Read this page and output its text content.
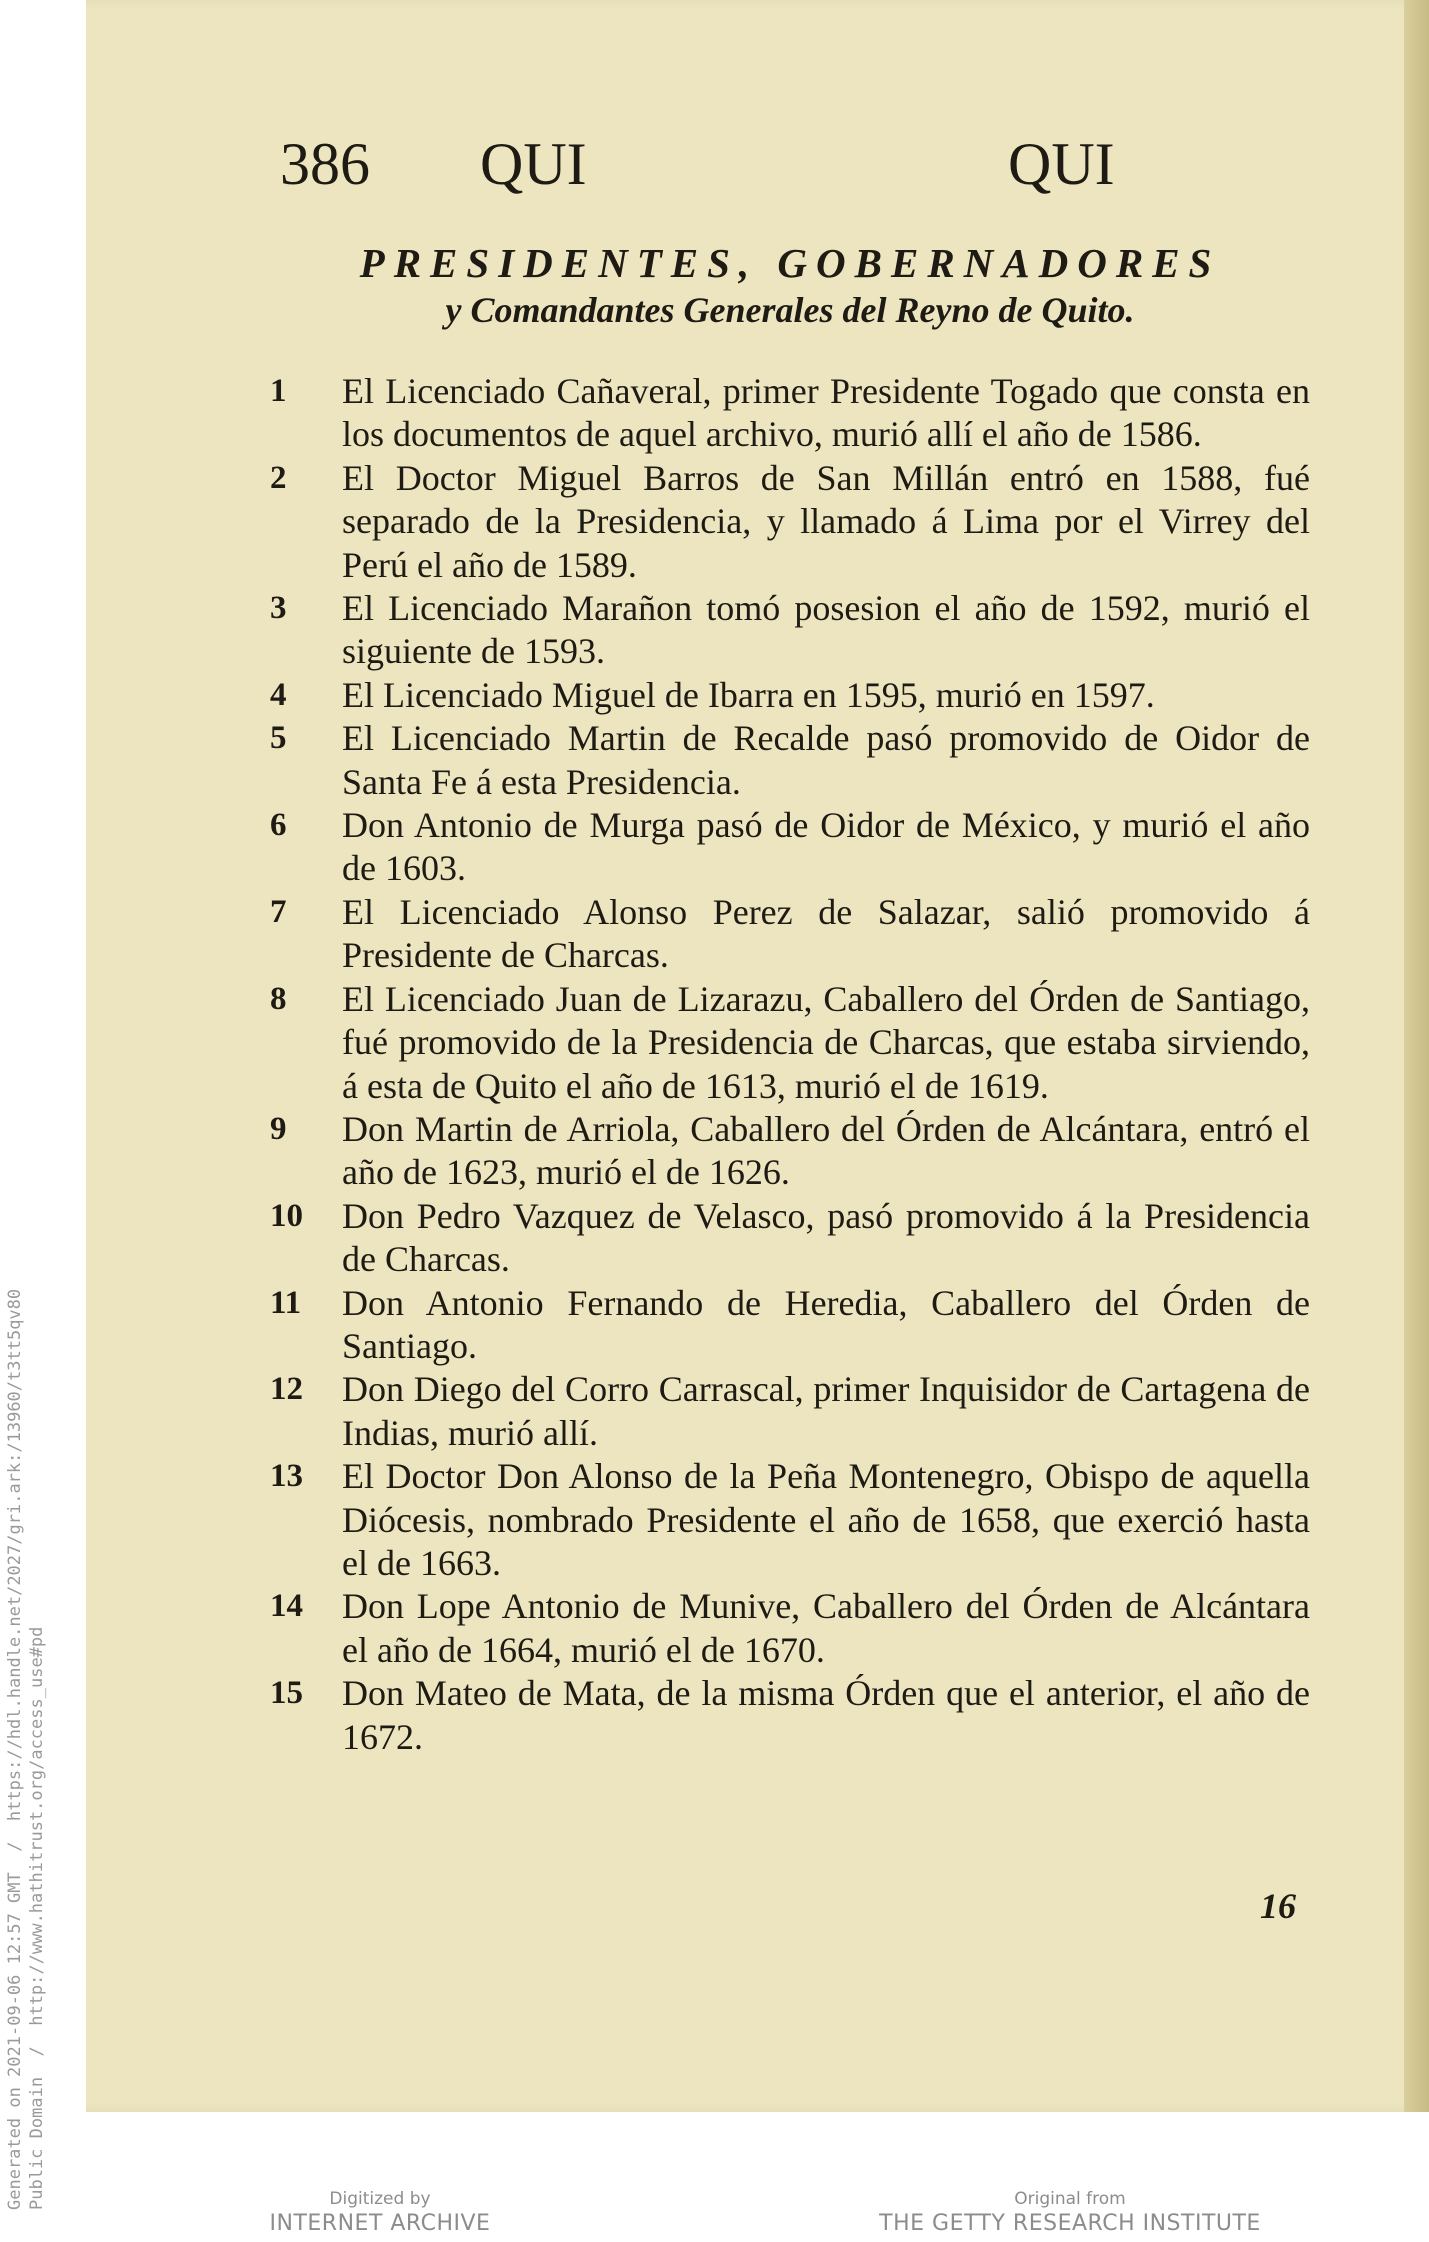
386 QUI	QUI
PRESIDENTES, GOBERNADORES
y Comandantes Generales del Reyno de Quito.
1	El Licenciado Cañaveral, primer Presidente Togado que consta en los documentos de aquel archivo, murió allí el año de 1586.
2	El Doctor Miguel Barros de San Millán entró en 1588, fué separado de la Presidencia, y llamado á Lima por el Virrey del Perú el año de 1589.
3	El Licenciado Marañon tomó posesion el año de 1592, murió el siguiente de 1593.
4	El Licenciado Miguel de Ibarra en 1595, murió en 1597.
5	El Licenciado Martin de Recalde pasó promovido de Oidor de Santa Fe á esta Presidencia.
6	Don Antonio de Murga pasó de Oidor de México, y murió el año de 1603.
7	El Licenciado Alonso Perez de Salazar, salió promovido á Presidente de Charcas.
8	El Licenciado Juan de Lizarazu, Caballero del Órden de Santiago, fué promovido de la Presidencia de Charcas, que estaba sirviendo, á esta de Quito el año de 1613, murió el de 1619.
9	Don Martin de Arriola, Caballero del Órden de Alcántara, entró el año de 1623, murió el de 1626.
10	Don Pedro Vazquez de Velasco, pasó promovido á la Presidencia de Charcas.
11	Don Antonio Fernando de Heredia, Caballero del Órden de Santiago.
12	Don Diego del Corro Carrascal, primer Inquisidor de Cartagena de Indias, murió allí.
13	El Doctor Don Alonso de la Peña Montenegro, Obispo de aquella Diócesis, nombrado Presidente el año de 1658, que exerció hasta el de 1663.
14	Don Lope Antonio de Munive, Caballero del Órden de Alcántara el año de 1664, murió el de 1670.
15	Don Mateo de Mata, de la misma Órden que el anterior, el año de 1672.
16
Generated on 2021-09-06 12:57 GMT  /  https://hdl.handle.net/2027/gri.ark:/13960/t3tt5qv80 Public Domain  /  http://www.hathitrust.org/access_use#pd	Digitized by
INTERNET ARCHIVE
Original from
THE GETTY RESEARCH INSTITUTE
